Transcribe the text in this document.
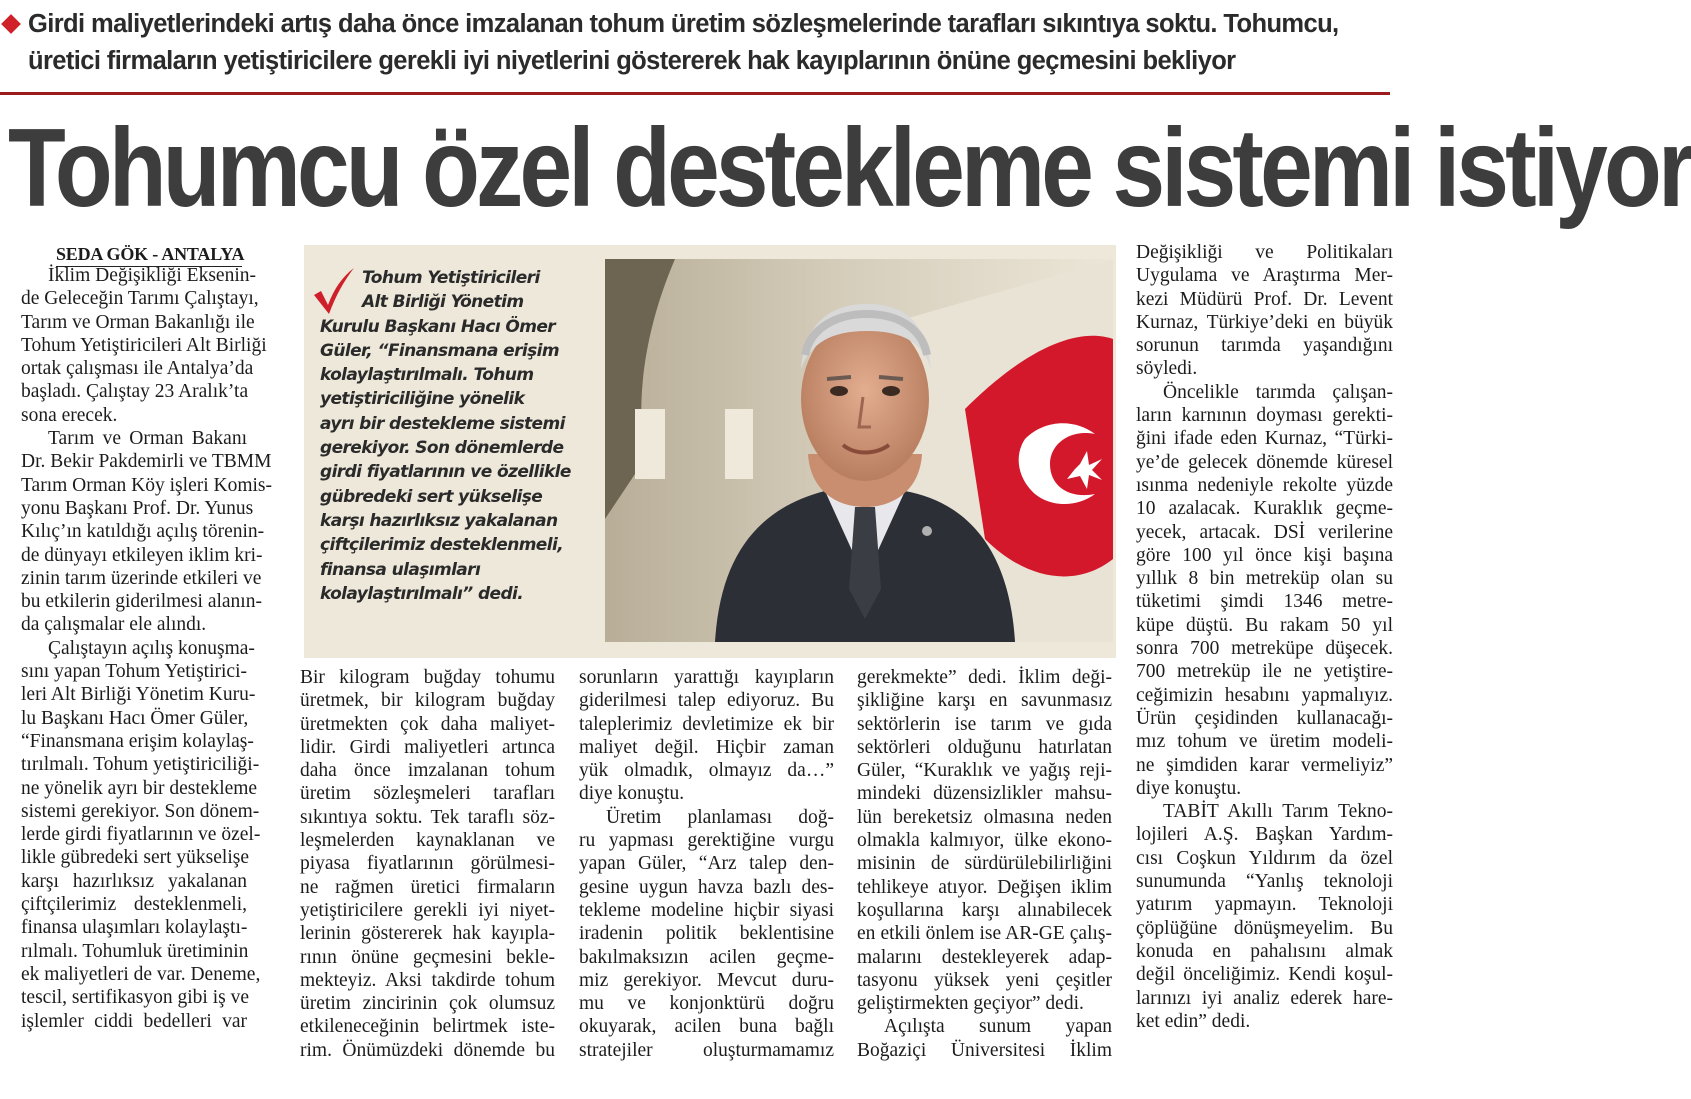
Girdi maliyetlerindeki artış daha önce imzalanan tohum üretim sözleşmelerinde tarafları sıkıntıya soktu. Tohumcu,
üretici firmaların yetiştiricilere gerekli iyi niyetlerini göstererek hak kayıplarının önüne geçmesini bekliyor
Tohumcu özel destekleme sistemi istiyor
SEDA GÖK - ANTALYA
İklim Değişikliği Eksenin-
de Geleceğin Tarımı Çalıştayı,
Tarım ve Orman Bakanlığı ile
Tohum Yetiştiricileri Alt Birliği
ortak çalışması ile Antalya’da
başladı. Çalıştay 23 Aralık’ta
sona erecek.
Tarım ve Orman Bakanı
Dr. Bekir Pakdemirli ve TBMM
Tarım Orman Köy işleri Komis-
yonu Başkanı Prof. Dr. Yunus
Kılıç’ın katıldığı açılış törenin-
de dünyayı etkileyen iklim kri-
zinin tarım üzerinde etkileri ve
bu etkilerin giderilmesi alanın-
da çalışmalar ele alındı.
Çalıştayın açılış konuşma-
sını yapan Tohum Yetiştirici-
leri Alt Birliği Yönetim Kuru-
lu Başkanı Hacı Ömer Güler,
“Finansmana erişim kolaylaş-
tırılmalı. Tohum yetiştiriciliği-
ne yönelik ayrı bir destekleme
sistemi gerekiyor. Son dönem-
lerde girdi fiyatlarının ve özel-
likle gübredeki sert yükselişe
karşı hazırlıksız yakalanan
çiftçilerimiz desteklenmeli,
finansa ulaşımları kolaylaştı-
rılmalı. Tohumluk üretiminin
ek maliyetleri de var. Deneme,
tescil, sertifikasyon gibi iş ve
işlemler ciddi bedelleri var
Tohum Yetiştiricileri
Alt Birliği Yönetim
Kurulu Başkanı Hacı Ömer
Güler, “Finansmana erişim
kolaylaştırılmalı. Tohum
yetiştiriciliğine yönelik
ayrı bir destekleme sistemi
gerekiyor. Son dönemlerde
girdi fiyatlarının ve özellikle
gübredeki sert yükselişe
karşı hazırlıksız yakalanan
çiftçilerimiz desteklenmeli,
finansa ulaşımları
kolaylaştırılmalı” dedi.
Bir kilogram buğday tohumu
üretmek, bir kilogram buğday
üretmekten çok daha maliyet-
lidir. Girdi maliyetleri artınca
daha önce imzalanan tohum
üretim sözleşmeleri tarafları
sıkıntıya soktu. Tek taraflı söz-
leşmelerden kaynaklanan ve
piyasa fiyatlarının görülmesi-
ne rağmen üretici firmaların
yetiştiricilere gerekli iyi niyet-
lerinin göstererek hak kayıpla-
rının önüne geçmesini bekle-
mekteyiz. Aksi takdirde tohum
üretim zincirinin çok olumsuz
etkileneceğinin belirtmek iste-
rim. Önümüzdeki dönemde bu
sorunların yarattığı kayıpların
giderilmesi talep ediyoruz. Bu
taleplerimiz devletimize ek bir
maliyet değil. Hiçbir zaman
yük olmadık, olmayız da…”
diye konuştu.
Üretim planlaması doğ-
ru yapması gerektiğine vurgu
yapan Güler, “Arz talep den-
gesine uygun havza bazlı des-
tekleme modeline hiçbir siyasi
iradenin politik beklentisine
bakılmaksızın acilen geçme-
miz gerekiyor. Mevcut duru-
mu ve konjonktürü doğru
okuyarak, acilen buna bağlı
stratejiler oluşturmamamız
gerekmekte” dedi. İklim deği-
şikliğine karşı en savunmasız
sektörlerin ise tarım ve gıda
sektörleri olduğunu hatırlatan
Güler, “Kuraklık ve yağış reji-
mindeki düzensizlikler mahsu-
lün bereketsiz olmasına neden
olmakla kalmıyor, ülke ekono-
misinin de sürdürülebilirliğini
tehlikeye atıyor. Değişen iklim
koşullarına karşı alınabilecek
en etkili önlem ise AR-GE çalış-
malarını destekleyerek adap-
tasyonu yüksek yeni çeşitler
geliştirmekten geçiyor” dedi.
Açılışta sunum yapan
Boğaziçi Üniversitesi İklim
Değişikliği ve Politikaları
Uygulama ve Araştırma Mer-
kezi Müdürü Prof. Dr. Levent
Kurnaz, Türkiye’deki en büyük
sorunun tarımda yaşandığını
söyledi.
Öncelikle tarımda çalışan-
ların karnının doyması gerekti-
ğini ifade eden Kurnaz, “Türki-
ye’de gelecek dönemde küresel
ısınma nedeniyle rekolte yüzde
10 azalacak. Kuraklık geçme-
yecek, artacak. DSİ verilerine
göre 100 yıl önce kişi başına
yıllık 8 bin metreküp olan su
tüketimi şimdi 1346 metre-
küpe düştü. Bu rakam 50 yıl
sonra 700 metreküpe düşecek.
700 metreküp ile ne yetiştire-
ceğimizin hesabını yapmalıyız.
Ürün çeşidinden kullanacağı-
mız tohum ve üretim modeli-
ne şimdiden karar vermeliyiz”
diye konuştu.
TABİT Akıllı Tarım Tekno-
lojileri A.Ş. Başkan Yardım-
cısı Coşkun Yıldırım da özel
sunumunda “Yanlış teknoloji
yatırım yapmayın. Teknoloji
çöplüğüne dönüşmeyelim. Bu
konuda en pahalısını almak
değil önceliğimiz. Kendi koşul-
larınızı iyi analiz ederek hare-
ket edin” dedi.
